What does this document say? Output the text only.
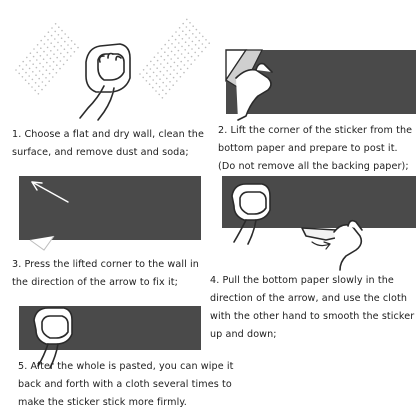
1. Choose a flat and dry wall, clean the surface, and remove dust and soda;
2. Lift the corner of the sticker from the bottom paper and prepare to post it. (Do not remove all the backing paper);
3. Press the lifted corner to the wall in the direction of the arrow to fix it;	4. Pull the bottom paper slowly in the direction of the arrow, and use the cloth with the other hand to smooth the sticker up and down;
5. After the whole is pasted, you can wipe it back and forth with a cloth several times to make the sticker stick more firmly.
